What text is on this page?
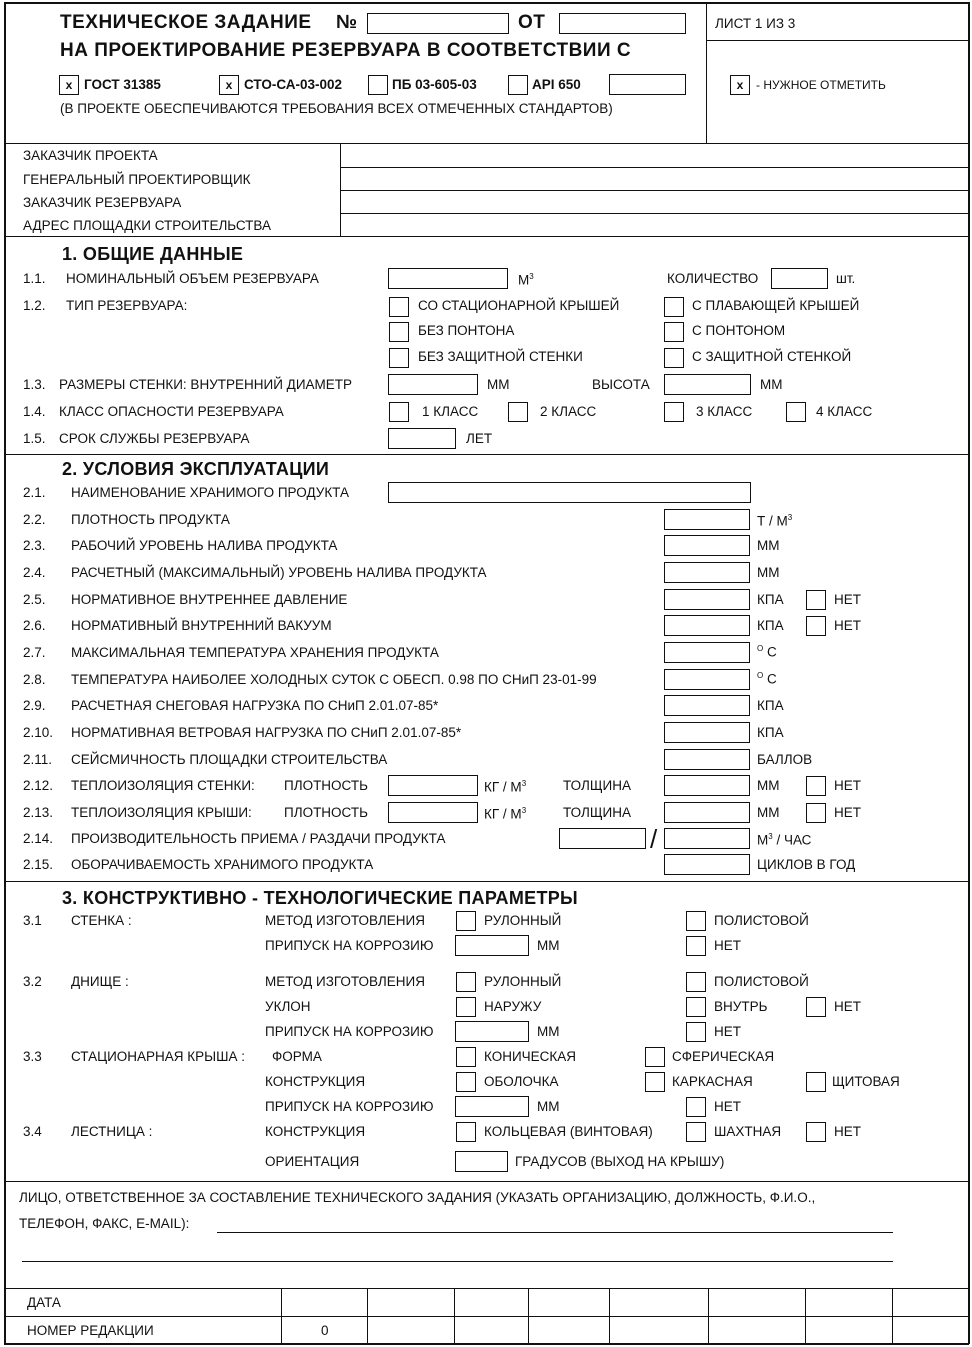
ТЕХНИЧЕСКОЕ ЗАДАНИЕ №	ОТ
НА ПРОЕКТИРОВАНИЕ РЕЗЕРВУАРА В СООТВЕТСТВИИ С
ЛИСТ 1 ИЗ 3
x ГОСТ 31385	x СТО-СА-03-002	ПБ 03-605-03	API 650	x	- НУЖНОЕ ОТМЕТИТЬ
(В ПРОЕКТЕ ОБЕСПЕЧИВАЮТСЯ ТРЕБОВАНИЯ ВСЕХ ОТМЕЧЕННЫХ СТАНДАРТОВ)
ЗАКАЗЧИК ПРОЕКТА
ГЕНЕРАЛЬНЫЙ ПРОЕКТИРОВЩИК
ЗАКАЗЧИК РЕЗЕРВУАРА
АДРЕС ПЛОЩАДКИ СТРОИТЕЛЬСТВА
1. ОБЩИЕ ДАННЫЕ
1.1. НОМИНАЛЬНЫЙ ОБЪЕМ РЕЗЕРВУАРА	$М^3$	КОЛИЧЕСТВО	шт.
1.2. ТИП РЕЗЕРВУАРА:	СО СТАЦИОНАРНОЙ КРЫШЕЙ	С ПЛАВАЮЩЕЙ КРЫШЕЙ
БЕЗ ПОНТОНА	С ПОНТОНОМ
БЕЗ ЗАЩИТНОЙ СТЕНКИ	С ЗАЩИТНОЙ СТЕНКОЙ
1.3. РАЗМЕРЫ СТЕНКИ: ВНУТРЕННИЙ ДИАМЕТР	ММ	ВЫСОТА	ММ
1.4. КЛАСС ОПАСНОСТИ РЕЗЕРВУАРА	1 КЛАСС	2 КЛАСС	3 КЛАСС	4 КЛАСС
1.5. СРОК СЛУЖБЫ РЕЗЕРВУАРА	ЛЕТ
2. УСЛОВИЯ ЭКСПЛУАТАЦИИ
2.1. НАИМЕНОВАНИЕ ХРАНИМОГО ПРОДУКТА
2.2. ПЛОТНОСТЬ ПРОДУКТА	Т / $М^3$
2.3. РАБОЧИЙ УРОВЕНЬ НАЛИВА ПРОДУКТА	ММ
2.4. РАСЧЕТНЫЙ (МАКСИМАЛЬНЫЙ) УРОВЕНЬ НАЛИВА ПРОДУКТА	ММ
2.5. НОРМАТИВНОЕ ВНУТРЕННЕЕ ДАВЛЕНИЕ	КПА	НЕТ
2.6. НОРМАТИВНЫЙ ВНУТРЕННИЙ ВАКУУМ	КПА	НЕТ
2.7. МАКСИМАЛЬНАЯ ТЕМПЕРАТУРА ХРАНЕНИЯ ПРОДУКТА	$^О$ С
2.8. ТЕМПЕРАТУРА НАИБОЛЕЕ ХОЛОДНЫХ СУТОК С ОБЕСП. 0.98 ПО СНиП 23-01-99	$^О$ С
2.9. РАСЧЕТНАЯ СНЕГОВАЯ НАГРУЗКА ПО СНиП 2.01.07-85*	КПА
2.10. НОРМАТИВНАЯ ВЕТРОВАЯ НАГРУЗКА ПО СНиП 2.01.07-85*	КПА
2.11. СЕЙСМИЧНОСТЬ ПЛОЩАДКИ СТРОИТЕЛЬСТВА	БАЛЛОВ
2.12. ТЕПЛОИЗОЛЯЦИЯ СТЕНКИ: ПЛОТНОСТЬ	КГ / $М^3$	ТОЛЩИНА	ММ	НЕТ
2.13. ТЕПЛОИЗОЛЯЦИЯ КРЫШИ: ПЛОТНОСТЬ	КГ / $М^3$	ТОЛЩИНА	ММ	НЕТ
2.14. ПРОИЗВОДИТЕЛЬНОСТЬ ПРИЕМА / РАЗДАЧИ ПРОДУКТА	/	$М^3$ / ЧАС
2.15. ОБОРАЧИВАЕМОСТЬ ХРАНИМОГО ПРОДУКТА	ЦИКЛОВ В ГОД
3. КОНСТРУКТИВНО - ТЕХНОЛОГИЧЕСКИЕ ПАРАМЕТРЫ
3.1 СТЕНКА :	МЕТОД ИЗГОТОВЛЕНИЯ	РУЛОННЫЙ	ПОЛИСТОВОЙ
ПРИПУСК НА КОРРОЗИЮ	ММ	НЕТ
3.2 ДНИЩЕ :	МЕТОД ИЗГОТОВЛЕНИЯ	РУЛОННЫЙ	ПОЛИСТОВОЙ
УКЛОН	НАРУЖУ	ВНУТРЬ	НЕТ
ПРИПУСК НА КОРРОЗИЮ	ММ	НЕТ
3.3 СТАЦИОНАРНАЯ КРЫША : ФОРМА	КОНИЧЕСКАЯ	СФЕРИЧЕСКАЯ
КОНСТРУКЦИЯ	ОБОЛОЧКА	КАРКАСНАЯ	ЩИТОВАЯ
ПРИПУСК НА КОРРОЗИЮ	ММ	НЕТ
3.4 ЛЕСТНИЦА :	КОНСТРУКЦИЯ	КОЛЬЦЕВАЯ (ВИНТОВАЯ)	ШАХТНАЯ	НЕТ
ОРИЕНТАЦИЯ	ГРАДУСОВ (ВЫХОД НА КРЫШУ)
ЛИЦО, ОТВЕТСТВЕННОЕ ЗА СОСТАВЛЕНИЕ ТЕХНИЧЕСКОГО ЗАДАНИЯ (УКАЗАТЬ ОРГАНИЗАЦИЮ, ДОЛЖНОСТЬ, Ф.И.О.,
ТЕЛЕФОН, ФАКС, E-MAIL):
ДАТА
НОМЕР РЕДАКЦИИ	0
